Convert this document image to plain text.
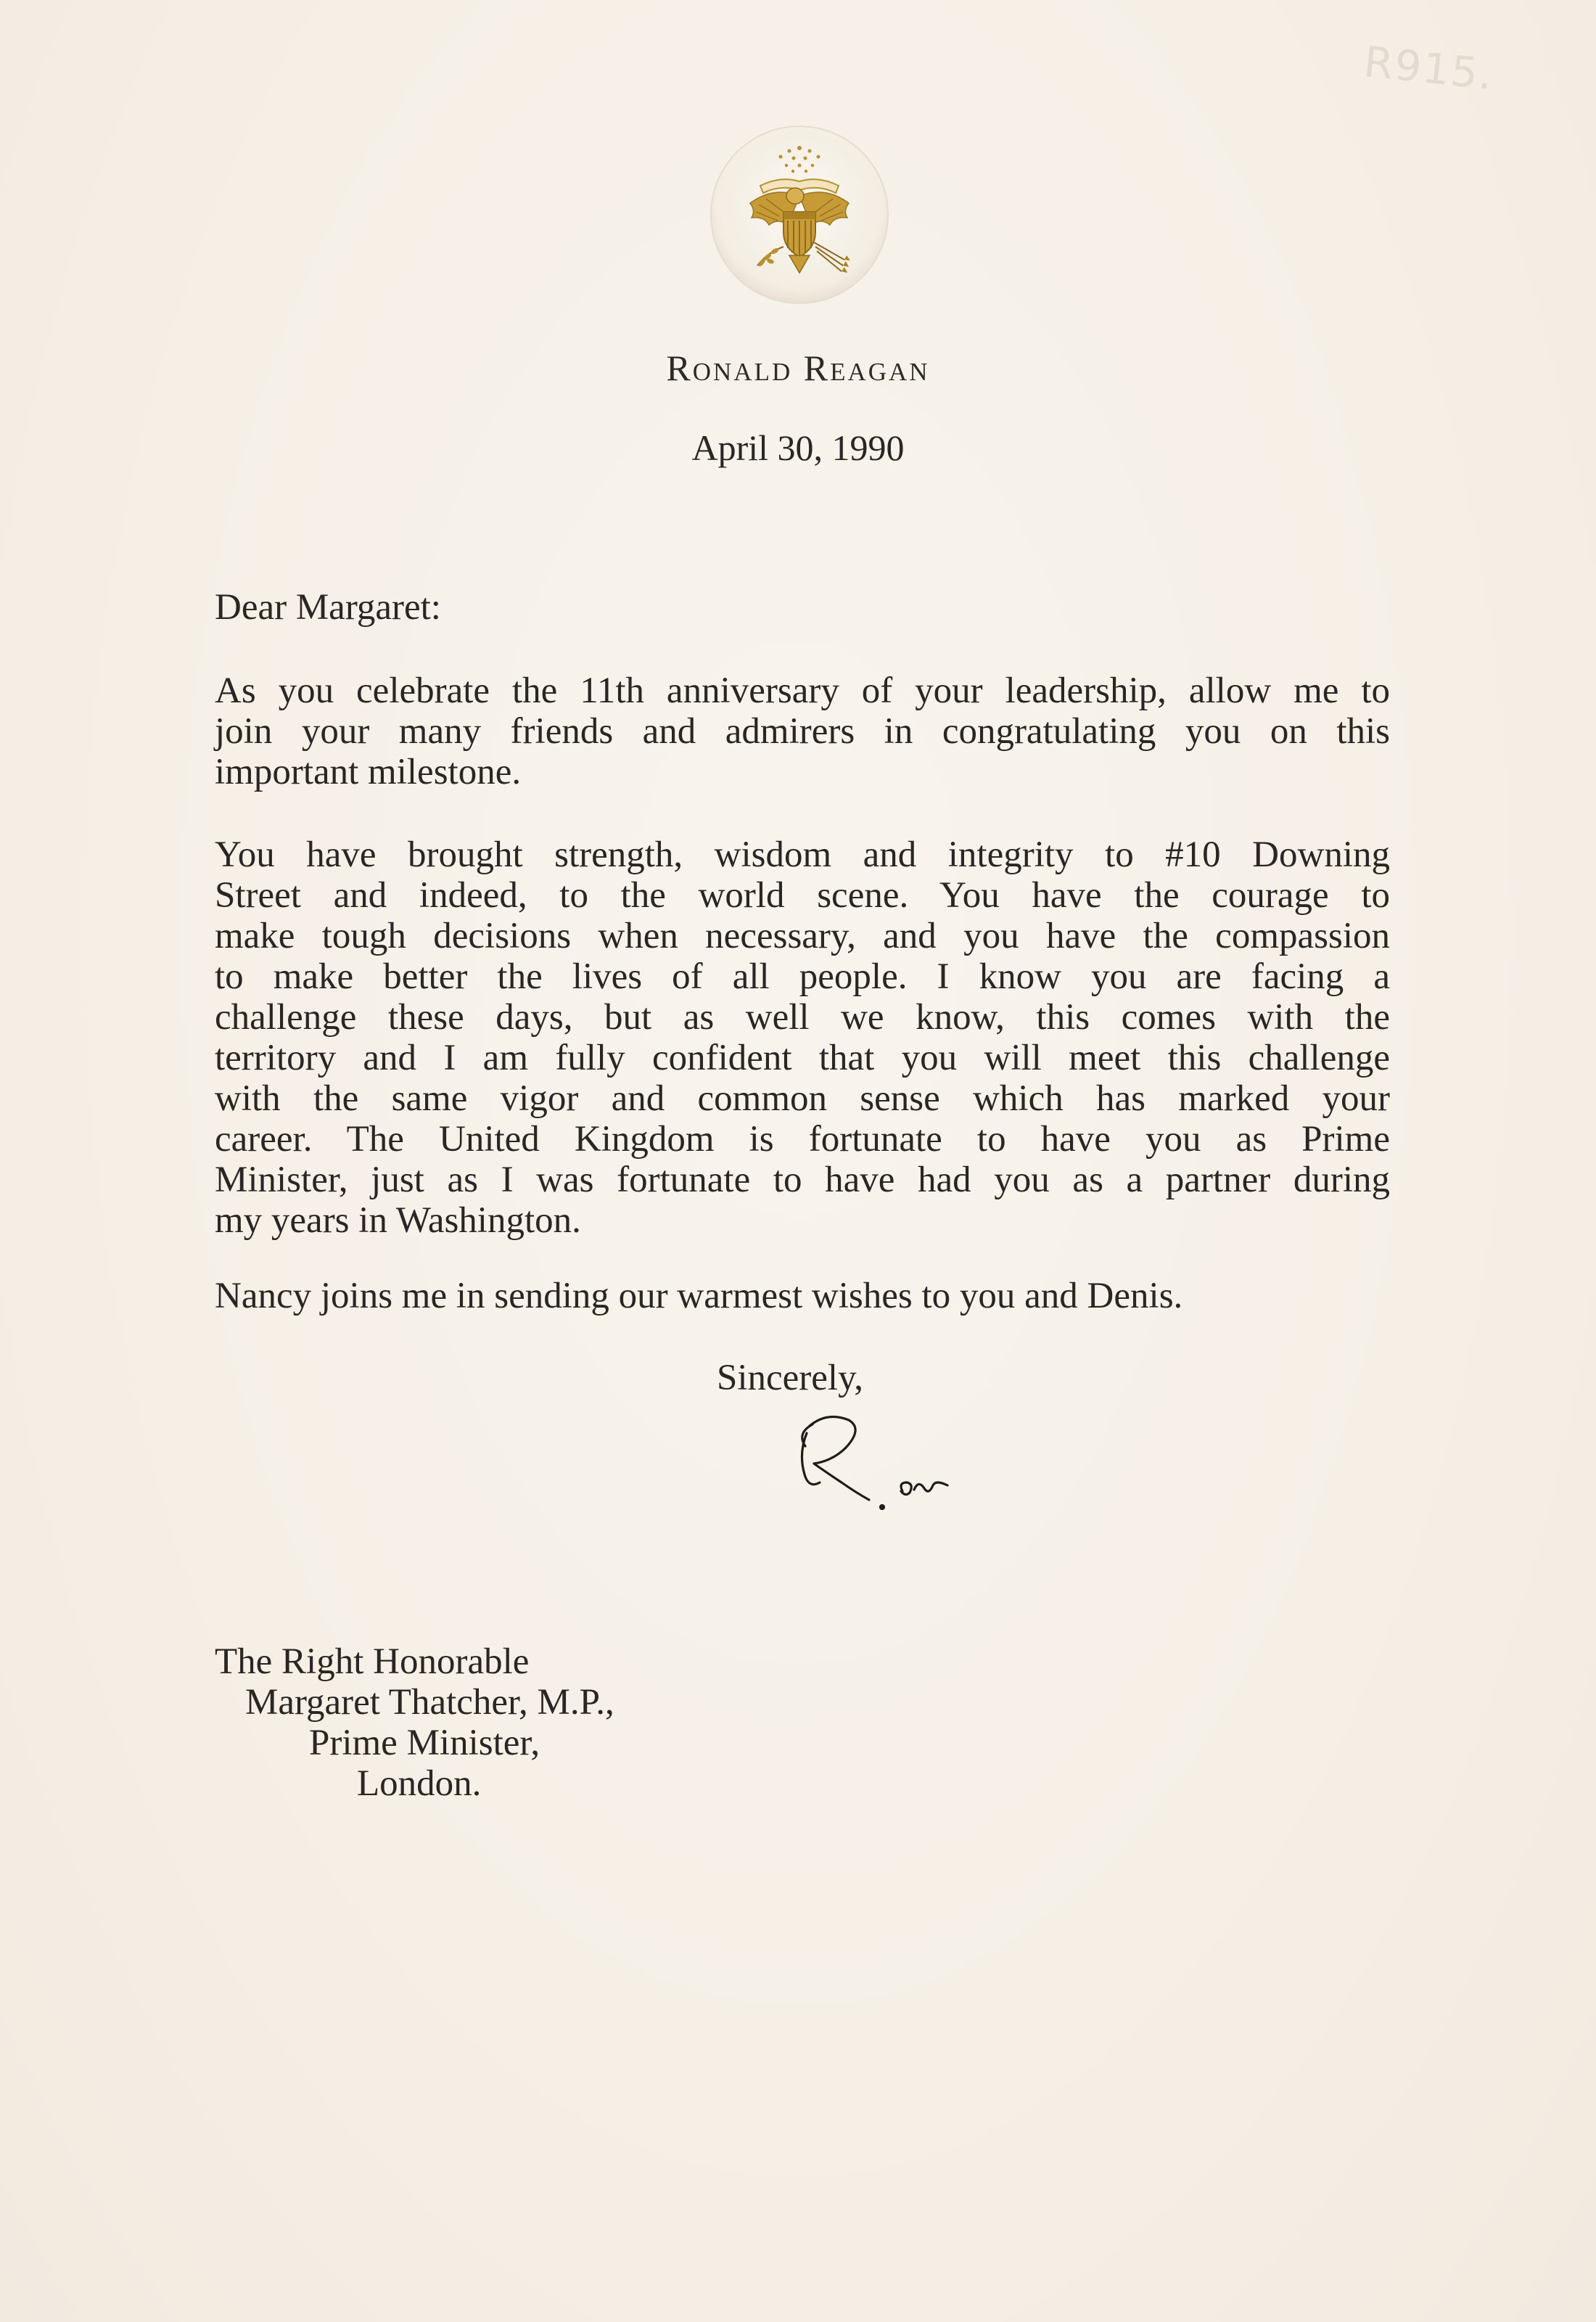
R915.
Ronald Reagan
April 30, 1990
Dear Margaret:
As you celebrate the 11th anniversary of your leadership, allow me to
join your many friends and admirers in congratulating you on this
important milestone.
You have brought strength, wisdom and integrity to #10 Downing
Street and indeed, to the world scene. You have the courage to
make tough decisions when necessary, and you have the compassion
to make better the lives of all people. I know you are facing a
challenge these days, but as well we know, this comes with the
territory and I am fully confident that you will meet this challenge
with the same vigor and common sense which has marked your
career. The United Kingdom is fortunate to have you as Prime
Minister, just as I was fortunate to have had you as a partner during
my years in Washington.
Nancy joins me in sending our warmest wishes to you and Denis.
Sincerely,
The Right Honorable
Margaret Thatcher, M.P.,
Prime Minister,
London.
